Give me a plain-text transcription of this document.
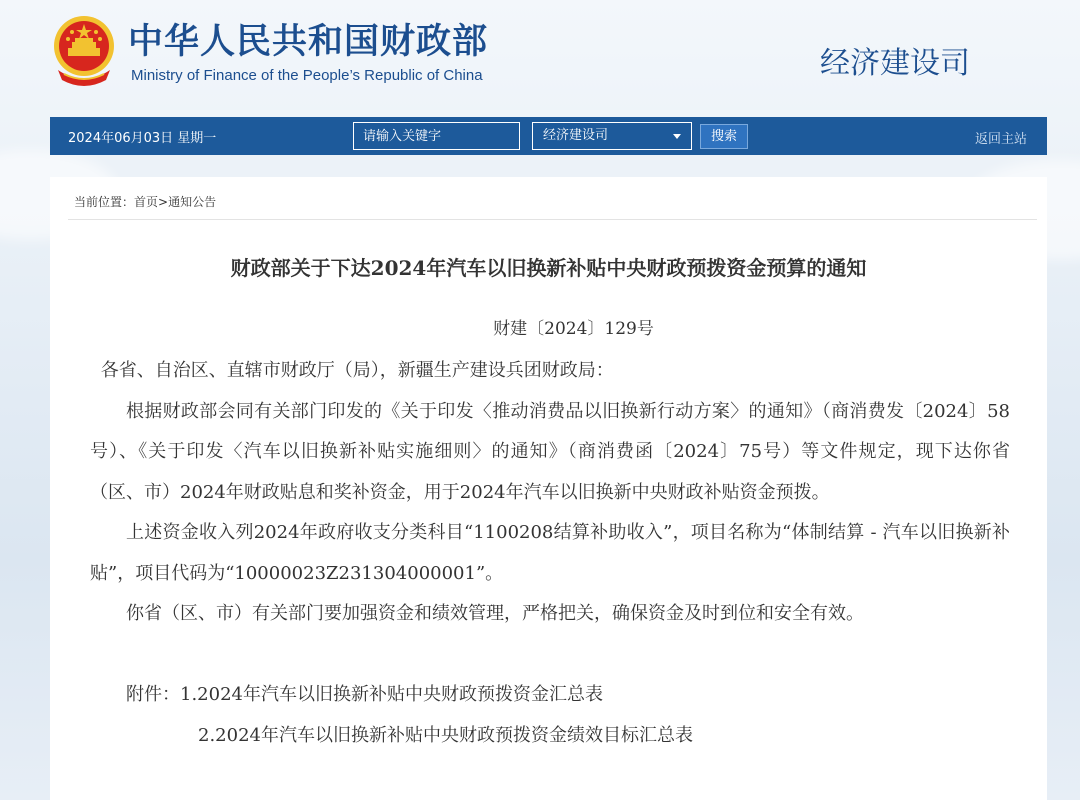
中华人民共和国财政部
Ministry of Finance of the People’s Republic of China	经济建设司
2024年06月03日 星期一
请输入关键字	经济建设司	搜索	返回主站
当前位置：首页>通知公告
财政部关于下达2024年汽车以旧换新补贴中央财政预拨资金预算的通知
财建〔2024〕129号

各省、自治区、直辖市财政厅（局），新疆生产建设兵团财政局：

根据财政部会同有关部门印发的《关于印发〈推动消费品以旧换新行动方案〉的通知》（商消费发〔2024〕58号）、《关于印发〈汽车以旧换新补贴实施细则〉的通知》（商消费函〔2024〕75号）等文件规定，现下达你省（区、市）2024年财政贴息和奖补资金，用于2024年汽车以旧换新中央财政补贴资金预拨。

上述资金收入列2024年政府收支分类科目“1100208结算补助收入”，项目名称为“体制结算 - 汽车以旧换新补贴”，项目代码为“10000023Z231304000001”。

你省（区、市）有关部门要加强资金和绩效管理，严格把关，确保资金及时到位和安全有效。

附件：1.2024年汽车以旧换新补贴中央财政预拨资金汇总表

2.2024年汽车以旧换新补贴中央财政预拨资金绩效目标汇总表
